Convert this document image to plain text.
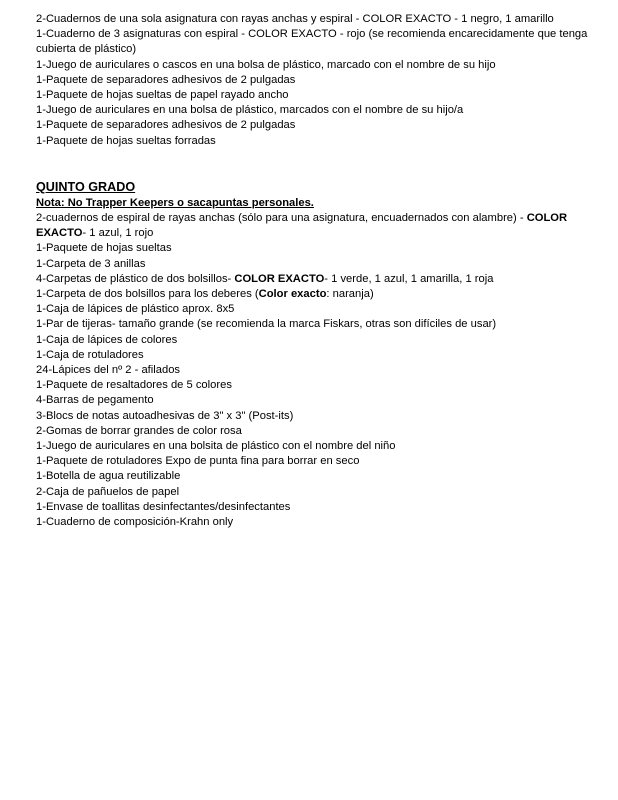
2-Cuadernos de una sola asignatura con rayas anchas y espiral - COLOR EXACTO - 1 negro, 1 amarillo

1-Cuaderno de 3 asignaturas con espiral - COLOR EXACTO - rojo (se recomienda encarecidamente que tenga cubierta de plástico)

1-Juego de auriculares o cascos en una bolsa de plástico, marcado con el nombre de su hijo

1-Paquete de separadores adhesivos de 2 pulgadas

1-Paquete de hojas sueltas de papel rayado ancho

1-Juego de auriculares en una bolsa de plástico, marcados con el nombre de su hijo/a

1-Paquete de separadores adhesivos de 2 pulgadas

1-Paquete de hojas sueltas forradas

QUINTO GRADO

Nota: No Trapper Keepers o sacapuntas personales.

2-cuadernos de espiral de rayas anchas (sólo para una asignatura, encuadernados con alambre) - COLOR EXACTO- 1 azul, 1 rojo

1-Paquete de hojas sueltas

1-Carpeta de 3 anillas

4-Carpetas de plástico de dos bolsillos- COLOR EXACTO- 1 verde, 1 azul, 1 amarilla, 1 roja

1-Carpeta de dos bolsillos para los deberes (Color exacto: naranja)

1-Caja de lápices de plástico aprox. 8x5

1-Par de tijeras- tamaño grande (se recomienda la marca Fiskars, otras son difíciles de usar)

1-Caja de lápices de colores

1-Caja de rotuladores

24-Lápices del nº 2 - afilados

1-Paquete de resaltadores de 5 colores

4-Barras de pegamento

3-Blocs de notas autoadhesivas de 3" x 3" (Post-its)

2-Gomas de borrar grandes de color rosa

1-Juego de auriculares en una bolsita de plástico con el nombre del niño

1-Paquete de rotuladores Expo de punta fina para borrar en seco

1-Botella de agua reutilizable

2-Caja de pañuelos de papel

1-Envase de toallitas desinfectantes/desinfectantes

1-Cuaderno de composición-Krahn only
